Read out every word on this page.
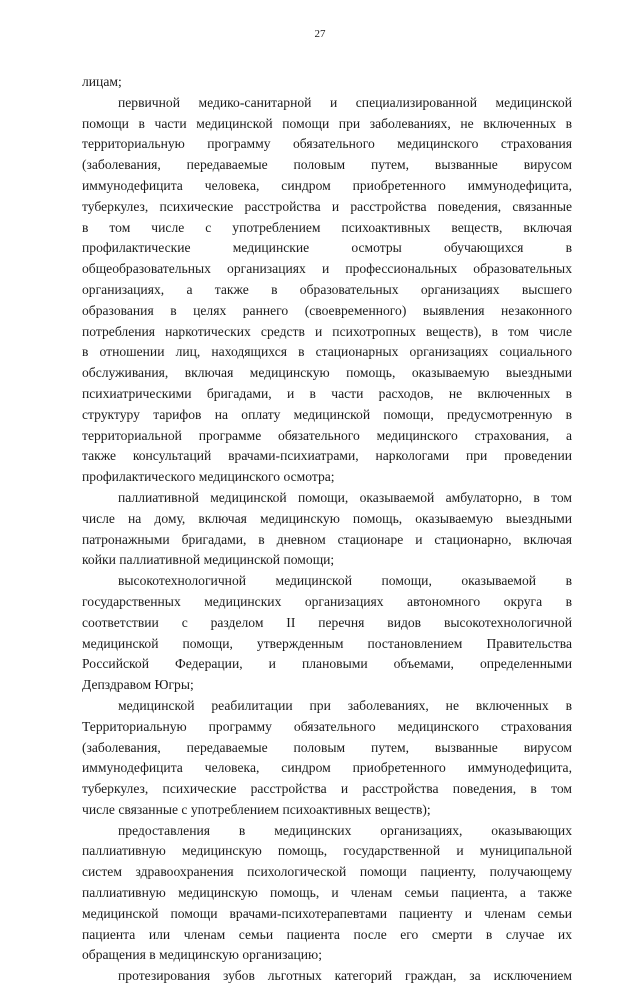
27
лицам;
первичной медико-санитарной и специализированной медицинской
помощи в части медицинской помощи при заболеваниях, не включенных в
территориальную программу обязательного медицинского страхования
(заболевания, передаваемые половым путем, вызванные вирусом
иммунодефицита человека, синдром приобретенного иммунодефицита,
туберкулез, психические расстройства и расстройства поведения, связанные
в том числе с употреблением психоактивных веществ, включая
профилактические медицинские осмотры обучающихся в
общеобразовательных организациях и профессиональных образовательных
организациях, а также в образовательных организациях высшего
образования в целях раннего (своевременного) выявления незаконного
потребления наркотических средств и психотропных веществ), в том числе
в отношении лиц, находящихся в стационарных организациях социального
обслуживания, включая медицинскую помощь, оказываемую выездными
психиатрическими бригадами, и в части расходов, не включенных в
структуру тарифов на оплату медицинской помощи, предусмотренную в
территориальной программе обязательного медицинского страхования, а
также консультаций врачами-психиатрами, наркологами при проведении
профилактического медицинского осмотра;
паллиативной медицинской помощи, оказываемой амбулаторно, в том
числе на дому, включая медицинскую помощь, оказываемую выездными
патронажными бригадами, в дневном стационаре и стационарно, включая
койки паллиативной медицинской помощи;
высокотехнологичной медицинской помощи, оказываемой в
государственных медицинских организациях автономного округа в
соответствии с разделом II перечня видов высокотехнологичной
медицинской помощи, утвержденным постановлением Правительства
Российской Федерации, и плановыми объемами, определенными
Депздравом Югры;
медицинской реабилитации при заболеваниях, не включенных в
Территориальную программу обязательного медицинского страхования
(заболевания, передаваемые половым путем, вызванные вирусом
иммунодефицита человека, синдром приобретенного иммунодефицита,
туберкулез, психические расстройства и расстройства поведения, в том
числе связанные с употреблением психоактивных веществ);
предоставления в медицинских организациях, оказывающих
паллиативную медицинскую помощь, государственной и муниципальной
систем здравоохранения психологической помощи пациенту, получающему
паллиативную медицинскую помощь, и членам семьи пациента, а также
медицинской помощи врачами-психотерапевтами пациенту и членам семьи
пациента или членам семьи пациента после его смерти в случае их
обращения в медицинскую организацию;
протезирования зубов льготных категорий граждан, за исключением
